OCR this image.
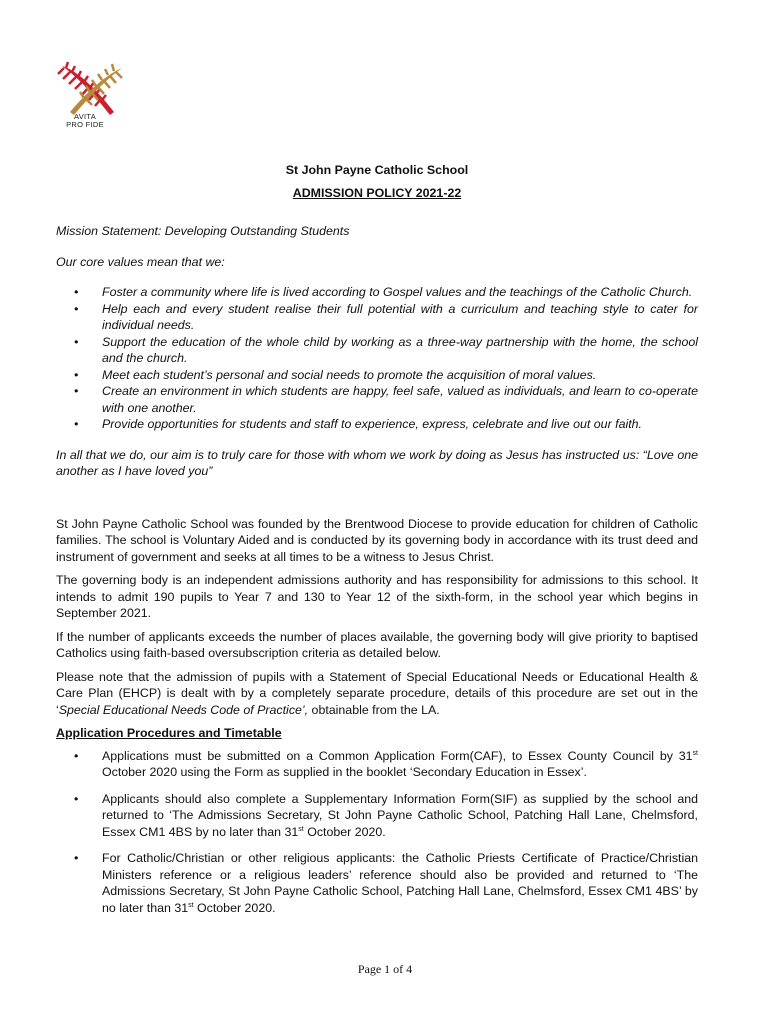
AVITA
PRO FIDE

St John Payne Catholic School

ADMISSION POLICY 2021-22

Mission Statement: Developing Outstanding Students

Our core values mean that we:

• Foster a community where life is lived according to Gospel values and the teachings of the Catholic Church.
• Help each and every student realise their full potential with a curriculum and teaching style to cater for individual needs.
• Support the education of the whole child by working as a three-way partnership with the home, the school and the church.
• Meet each student’s personal and social needs to promote the acquisition of moral values.
• Create an environment in which students are happy, feel safe, valued as individuals, and learn to co-operate with one another.
• Provide opportunities for students and staff to experience, express, celebrate and live out our faith.

In all that we do, our aim is to truly care for those with whom we work by doing as Jesus has instructed us: “Love one another as I have loved you”

St John Payne Catholic School was founded by the Brentwood Diocese to provide education for children of Catholic families. The school is Voluntary Aided and is conducted by its governing body in accordance with its trust deed and instrument of government and seeks at all times to be a witness to Jesus Christ.

The governing body is an independent admissions authority and has responsibility for admissions to this school. It intends to admit 190 pupils to Year 7 and 130 to Year 12 of the sixth-form, in the school year which begins in September 2021.

If the number of applicants exceeds the number of places available, the governing body will give priority to baptised Catholics using faith-based oversubscription criteria as detailed below.

Please note that the admission of pupils with a Statement of Special Educational Needs or Educational Health & Care Plan (EHCP) is dealt with by a completely separate procedure, details of this procedure are set out in the ‘Special Educational Needs Code of Practice’, obtainable from the LA.

Application Procedures and Timetable

• Applications must be submitted on a Common Application Form(CAF), to Essex County Council by 31st October 2020 using the Form as supplied in the booklet ‘Secondary Education in Essex’.
• Applicants should also complete a Supplementary Information Form(SIF) as supplied by the school and returned to ‘The Admissions Secretary, St John Payne Catholic School, Patching Hall Lane, Chelmsford, Essex CM1 4BS by no later than 31st October 2020.
• For Catholic/Christian or other religious applicants: the Catholic Priests Certificate of Practice/Christian Ministers reference or a religious leaders’ reference should also be provided and returned to ‘The Admissions Secretary, St John Payne Catholic School, Patching Hall Lane, Chelmsford, Essex CM1 4BS’ by no later than 31st October 2020.
Page 1 of 4
